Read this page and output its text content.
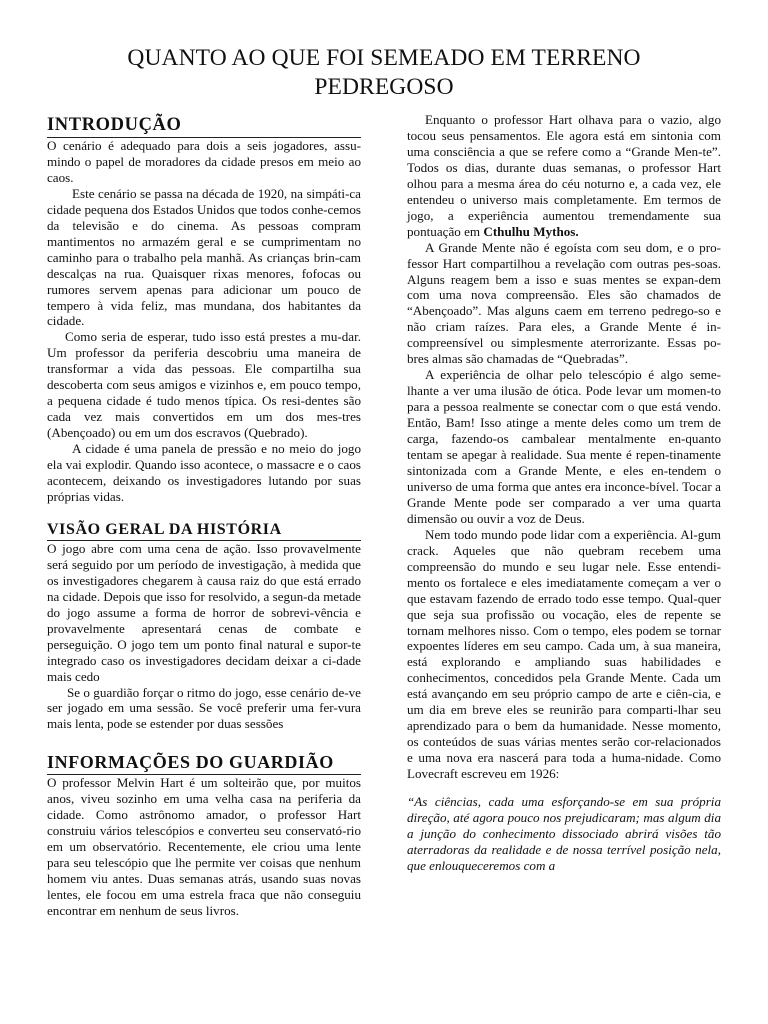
QUANTO AO QUE FOI SEMEADO EM TERRENO PEDREGOSO
INTRODUÇÃO

O cenário é adequado para dois a seis jogadores, assu-mindo o papel de moradores da cidade presos em meio ao caos.

Este cenário se passa na década de 1920, na simpáti-ca cidade pequena dos Estados Unidos que todos conhe-cemos da televisão e do cinema. As pessoas compram mantimentos no armazém geral e se cumprimentam no caminho para o trabalho pela manhã. As crianças brin-cam descalças na rua. Quaisquer rixas menores, fofocas ou rumores servem apenas para adicionar um pouco de tempero à vida feliz, mas mundana, dos habitantes da cidade.

Como seria de esperar, tudo isso está prestes a mu-dar. Um professor da periferia descobriu uma maneira de transformar a vida das pessoas. Ele compartilha sua descoberta com seus amigos e vizinhos e, em pouco tempo, a pequena cidade é tudo menos típica. Os resi-dentes são cada vez mais convertidos em um dos mes-tres (Abençoado) ou em um dos escravos (Quebrado).

A cidade é uma panela de pressão e no meio do jogo ela vai explodir. Quando isso acontece, o massacre e o caos acontecem, deixando os investigadores lutando por suas próprias vidas.

VISÃO GERAL DA HISTÓRIA

O jogo abre com uma cena de ação. Isso provavelmente será seguido por um período de investigação, à medida que os investigadores chegarem à causa raiz do que está errado na cidade. Depois que isso for resolvido, a segun-da metade do jogo assume a forma de horror de sobrevi-vência e provavelmente apresentará cenas de combate e perseguição. O jogo tem um ponto final natural e supor-te integrado caso os investigadores decidam deixar a ci-dade mais cedo

Se o guardião forçar o ritmo do jogo, esse cenário de-ve ser jogado em uma sessão. Se você preferir uma fer-vura mais lenta, pode se estender por duas sessões

INFORMAÇÕES DO GUARDIÃO

O professor Melvin Hart é um solteirão que, por muitos anos, viveu sozinho em uma velha casa na periferia da cidade. Como astrônomo amador, o professor Hart construiu vários telescópios e converteu seu conservató-rio em um observatório. Recentemente, ele criou uma lente para seu telescópio que lhe permite ver coisas que nenhum homem viu antes. Duas semanas atrás, usando suas novas lentes, ele focou em uma estrela fraca que não conseguiu encontrar em nenhum de seus livros.

Enquanto o professor Hart olhava para o vazio, algo tocou seus pensamentos. Ele agora está em sintonia com uma consciência a que se refere como a “Grande Men-te”. Todos os dias, durante duas semanas, o professor Hart olhou para a mesma área do céu noturno e, a cada vez, ele entendeu o universo mais completamente. Em termos de jogo, a experiência aumentou tremendamente sua pontuação em Cthulhu Mythos.

A Grande Mente não é egoísta com seu dom, e o pro-fessor Hart compartilhou a revelação com outras pes-soas. Alguns reagem bem a isso e suas mentes se expan-dem com uma nova compreensão. Eles são chamados de “Abençoado”. Mas alguns caem em terreno pedrego-so e não criam raízes. Para eles, a Grande Mente é in-compreensível ou simplesmente aterrorizante. Essas po-bres almas são chamadas de “Quebradas”.

A experiência de olhar pelo telescópio é algo seme-lhante a ver uma ilusão de ótica. Pode levar um momen-to para a pessoa realmente se conectar com o que está vendo. Então, Bam! Isso atinge a mente deles como um trem de carga, fazendo-os cambalear mentalmente en-quanto tentam se apegar à realidade. Sua mente é repen-tinamente sintonizada com a Grande Mente, e eles en-tendem o universo de uma forma que antes era inconce-bível. Tocar a Grande Mente pode ser comparado a ver uma quarta dimensão ou ouvir a voz de Deus.

Nem todo mundo pode lidar com a experiência. Al-gum crack. Aqueles que não quebram recebem uma compreensão do mundo e seu lugar nele. Esse entendi-mento os fortalece e eles imediatamente começam a ver o que estavam fazendo de errado todo esse tempo. Qual-quer que seja sua profissão ou vocação, eles de repente se tornam melhores nisso. Com o tempo, eles podem se tornar expoentes líderes em seu campo. Cada um, à sua maneira, está explorando e ampliando suas habilidades e conhecimentos, concedidos pela Grande Mente. Cada um está avançando em seu próprio campo de arte e ciên-cia, e um dia em breve eles se reunirão para comparti-lhar seu aprendizado para o bem da humanidade. Nesse momento, os conteúdos de suas várias mentes serão cor-relacionados e uma nova era nascerá para toda a huma-nidade. Como Lovecraft escreveu em 1926:

“As ciências, cada uma esforçando-se em sua própria direção, até agora pouco nos prejudicaram; mas algum dia a junção do conhecimento dissociado abrirá visões tão aterradoras da realidade e de nossa terrível posição nela, que enlouqueceremos com a
